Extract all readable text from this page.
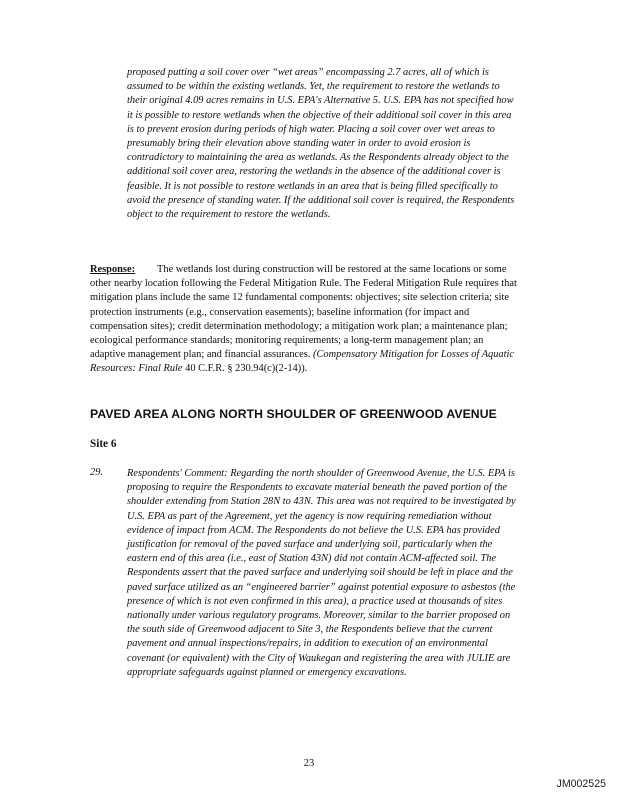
proposed putting a soil cover over “wet areas” encompassing 2.7 acres, all of which is assumed to be within the existing wetlands. Yet, the requirement to restore the wetlands to their original 4.09 acres remains in U.S. EPA's Alternative 5. U.S. EPA has not specified how it is possible to restore wetlands when the objective of their additional soil cover in this area is to prevent erosion during periods of high water. Placing a soil cover over wet areas to presumably bring their elevation above standing water in order to avoid erosion is contradictory to maintaining the area as wetlands. As the Respondents already object to the additional soil cover area, restoring the wetlands in the absence of the additional cover is feasible. It is not possible to restore wetlands in an area that is being filled specifically to avoid the presence of standing water. If the additional soil cover is required, the Respondents object to the requirement to restore the wetlands.

Response: The wetlands lost during construction will be restored at the same locations or some other nearby location following the Federal Mitigation Rule. The Federal Mitigation Rule requires that mitigation plans include the same 12 fundamental components: objectives; site selection criteria; site protection instruments (e.g., conservation easements); baseline information (for impact and compensation sites); credit determination methodology; a mitigation work plan; a maintenance plan; ecological performance standards; monitoring requirements; a long-term management plan; an adaptive management plan; and financial assurances. (Compensatory Mitigation for Losses of Aquatic Resources: Final Rule 40 C.F.R. § 230.94(c)(2-14)).

PAVED AREA ALONG NORTH SHOULDER OF GREENWOOD AVENUE
Site 6
29. Respondents' Comment: Regarding the north shoulder of Greenwood Avenue, the U.S. EPA is proposing to require the Respondents to excavate material beneath the paved portion of the shoulder extending from Station 28N to 43N. This area was not required to be investigated by U.S. EPA as part of the Agreement, yet the agency is now requiring remediation without evidence of impact from ACM. The Respondents do not believe the U.S. EPA has provided justification for removal of the paved surface and underlying soil, particularly when the eastern end of this area (i.e., east of Station 43N) did not contain ACM-affected soil. The Respondents assert that the paved surface and underlying soil should be left in place and the paved surface utilized as an “engineered barrier” against potential exposure to asbestos (the presence of which is not even confirmed in this area), a practice used at thousands of sites nationally under various regulatory programs. Moreover, similar to the barrier proposed on the south side of Greenwood adjacent to Site 3, the Respondents believe that the current pavement and annual inspections/repairs, in addition to execution of an environmental covenant (or equivalent) with the City of Waukegan and registering the area with JULIE are appropriate safeguards against planned or emergency excavations.

23
JM002525
